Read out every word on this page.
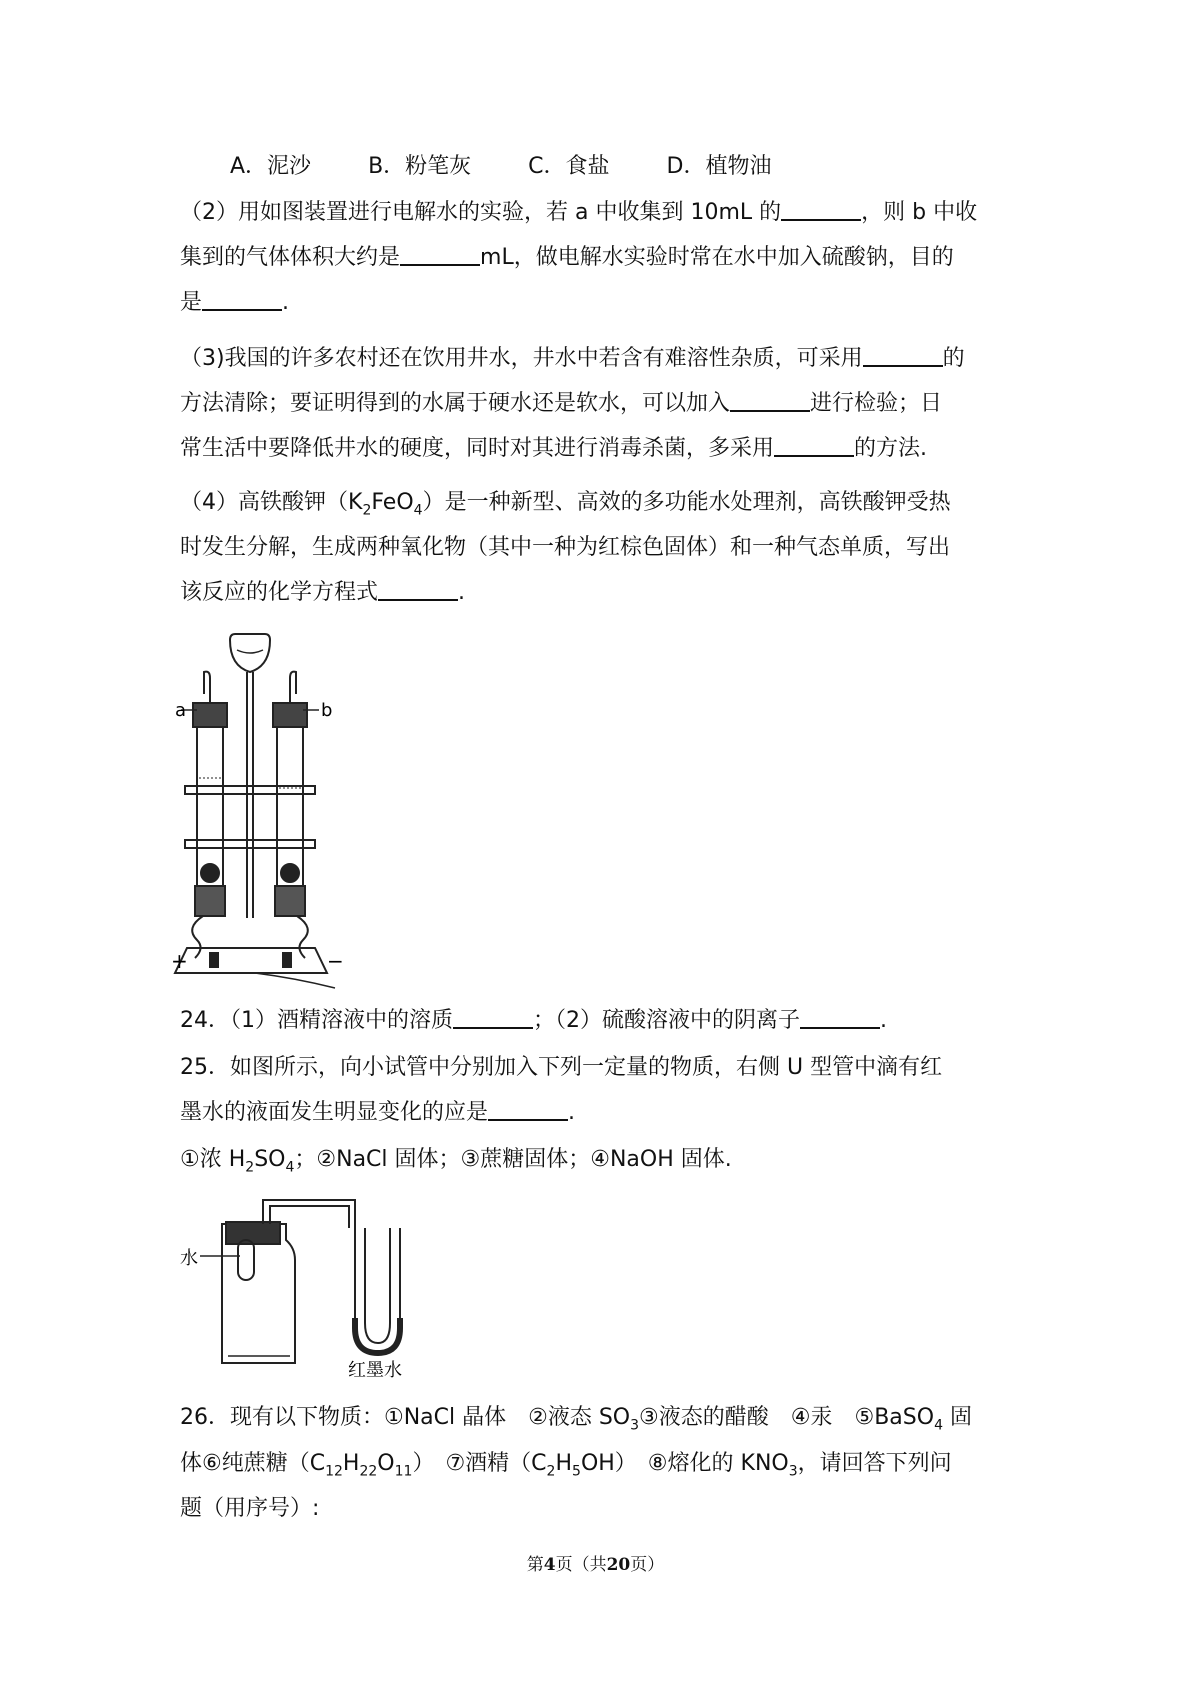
A．泥沙	B．粉笔灰	C．食盐	D．植物油
（2）用如图装置进行电解水的实验，若 a 中收集到 10mL 的	，则 b 中收
集到的气体体积大约是	mL，做电解水实验时常在水中加入硫酸钠，目的
是	.
（3)我国的许多农村还在饮用井水，井水中若含有难溶性杂质，可采用	的
方法清除；要证明得到的水属于硬水还是软水，可以加入	进行检验；日
常生活中要降低井水的硬度，同时对其进行消毒杀菌，多采用	的方法.
（4）高铁酸钾$(K_2FeO_4)$是一种新型、高效的多功能水处理剂，高铁酸钾受热
时发生分解，生成两种氧化物（其中一种为红棕色固体）和一种气态单质，写出
该反应的化学方程式	.
a	b
+	−
24．（1）酒精溶液中的溶质	；（2）硫酸溶液中的阴离子	.
25．如图所示，向小试管中分别加入下列一定量的物质，右侧 U 型管中滴有红
墨水的液面发生明显变化的应是	.
①浓 $H_2SO_4$；②NaCl 固体；③蔗糖固体；④NaOH 固体.
水
红墨水
26．现有以下物质：①NaCl 晶体　②液态 $SO_3③$液态的醋酸　④汞　⑤BaSO$_4$ 固
体⑥纯蔗糖$(C_{12}H_{22}O_{11})$　⑦酒精$(C_2H_5OH)$　⑧熔化的 $KNO_3$，请回答下列问
题（用序号）:
第4页（共20页）
